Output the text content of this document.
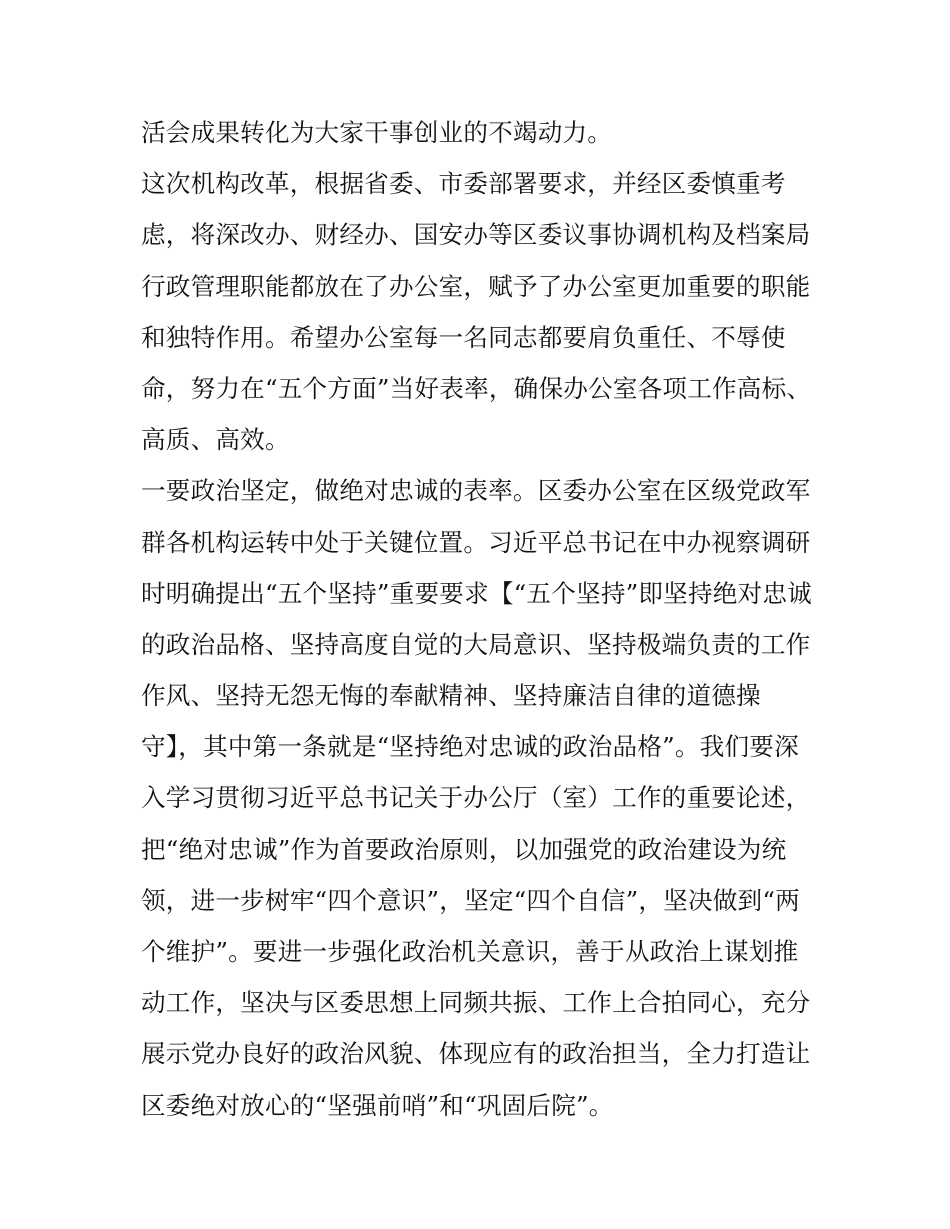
活会成果转化为大家干事创业的不竭动力。
这次机构改革，根据省委、市委部署要求，并经区委慎重考
虑，将深改办、财经办、国安办等区委议事协调机构及档案局
行政管理职能都放在了办公室，赋予了办公室更加重要的职能
和独特作用。希望办公室每一名同志都要肩负重任、不辱使
命，努力在“五个方面”当好表率，确保办公室各项工作高标、
高质、高效。
一要政治坚定，做绝对忠诚的表率。区委办公室在区级党政军
群各机构运转中处于关键位置。习近平总书记在中办视察调研
时明确提出“五个坚持”重要要求【“五个坚持”即坚持绝对忠诚
的政治品格、坚持高度自觉的大局意识、坚持极端负责的工作
作风、坚持无怨无悔的奉献精神、坚持廉洁自律的道德操
守】，其中第一条就是“坚持绝对忠诚的政治品格”。我们要深
入学习贯彻习近平总书记关于办公厅（室）工作的重要论述，
把“绝对忠诚”作为首要政治原则，以加强党的政治建设为统
领，进一步树牢“四个意识”，坚定“四个自信”，坚决做到“两
个维护”。要进一步强化政治机关意识，善于从政治上谋划推
动工作，坚决与区委思想上同频共振、工作上合拍同心，充分
展示党办良好的政治风貌、体现应有的政治担当，全力打造让
区委绝对放心的“坚强前哨”和“巩固后院”。
